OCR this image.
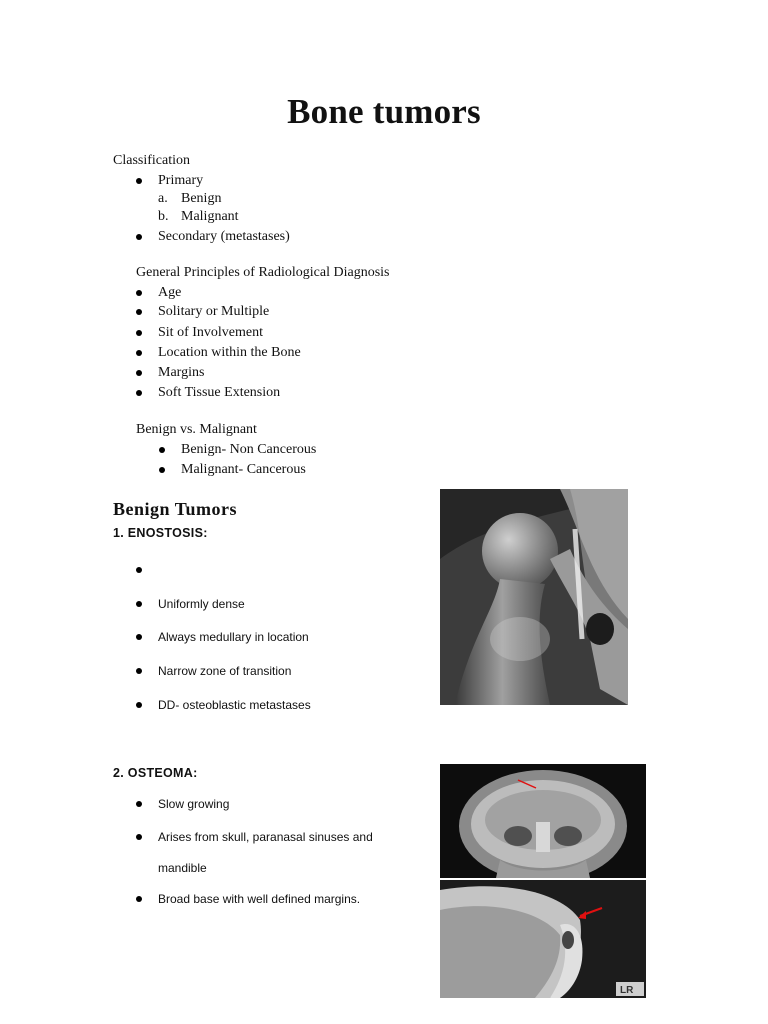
Bone tumors
Classification
Primary
a. Benign
b. Malignant
Secondary (metastases)
General Principles of Radiological Diagnosis
Age
Solitary or Multiple
Sit of Involvement
Location within the Bone
Margins
Soft Tissue Extension
Benign vs. Malignant
Benign- Non Cancerous
Malignant- Cancerous
Benign Tumors
1. ENOSTOSIS:
Uniformly dense
Always medullary in location
Narrow zone of transition
DD- osteoblastic metastases
2. OSTEOMA:
Slow growing
Arises from skull, paranasal sinuses and
mandible
Broad base with well defined margins.
LR
